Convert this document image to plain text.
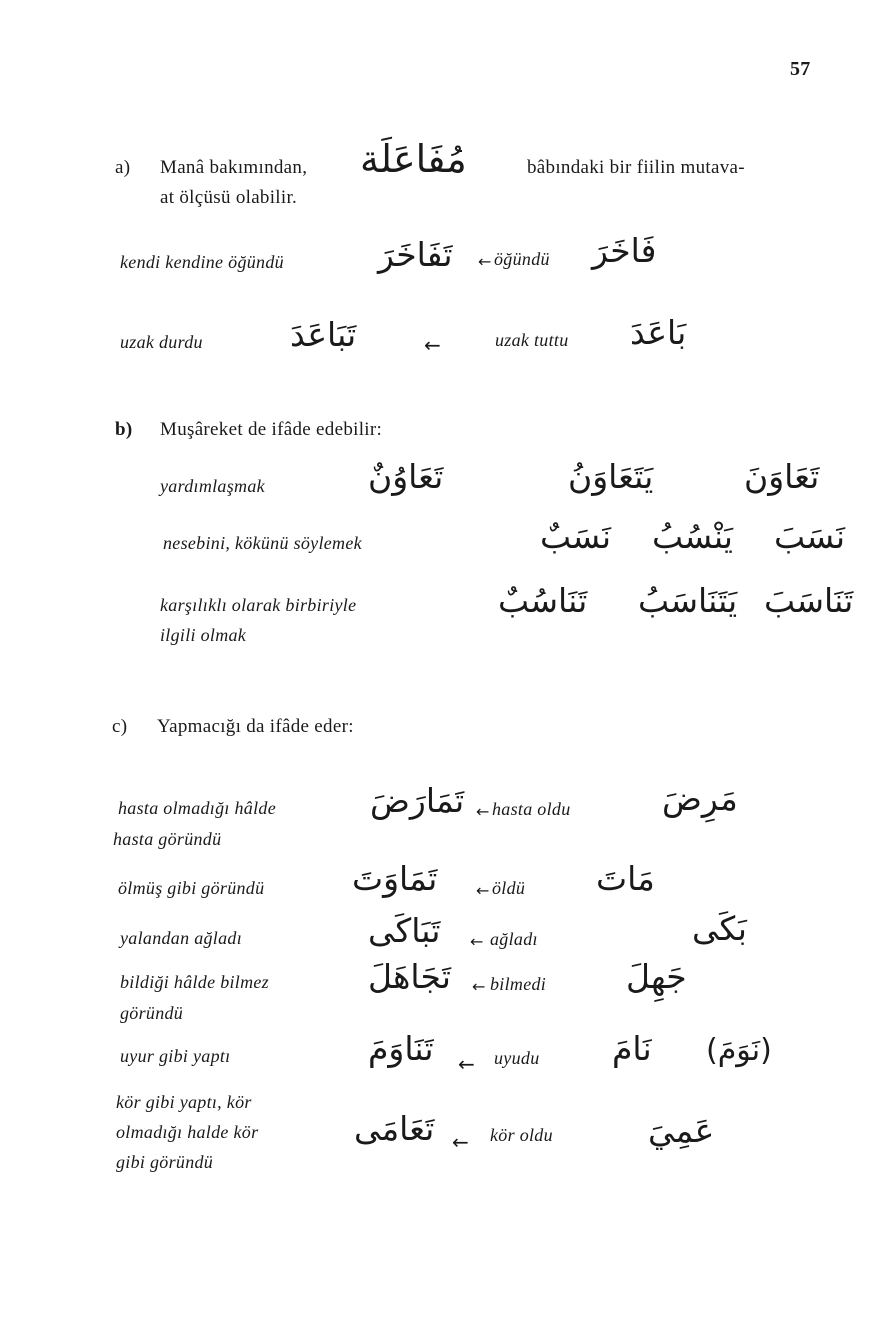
57
a) Manâ bakımından, مُفَاعَلَة	bâbındaki bir fiilin mutava-
at ölçüsü olabilir.
kendi kendine öğündü	تَفَاخَرَ ← öğündü فَاخَرَ
uzak durdu	تَبَاعَدَ	←	uzak tuttu بَاعَدَ
b) Muşâreket de ifâde edebilir:
yardımlaşmak	تَعَاوُنٌ	يَتَعَاوَنُ	تَعَاوَنَ
nesebini, kökünü söylemek	نَسَبٌ يَنْسُبُ نَسَبَ
karşılıklı olarak birbiriyle
ilgili olmak
تَنَاسُبٌ يَتَنَاسَبُ تَنَاسَبَ
c) Yapmacığı da ifâde eder:
hasta olmadığı hâlde
hasta göründü
تَمَارَضَ ← hasta oldu	مَرِضَ
ölmüş gibi göründü	تَمَاوَتَ ← öldü مَاتَ
yalandan ağladı	تَبَاكَى ← ağladı	بَكَى
bildiği hâlde bilmez
göründü
تَجَاهَلَ ← bilmedi جَهِلَ
uyur gibi yaptı	تَنَاوَمَ ← uyudu نَامَ (نَوَمَ)
kör gibi yaptı, kör
olmadığı halde kör
gibi göründü
تَعَامَى ← kör oldu	عَمِيَ
